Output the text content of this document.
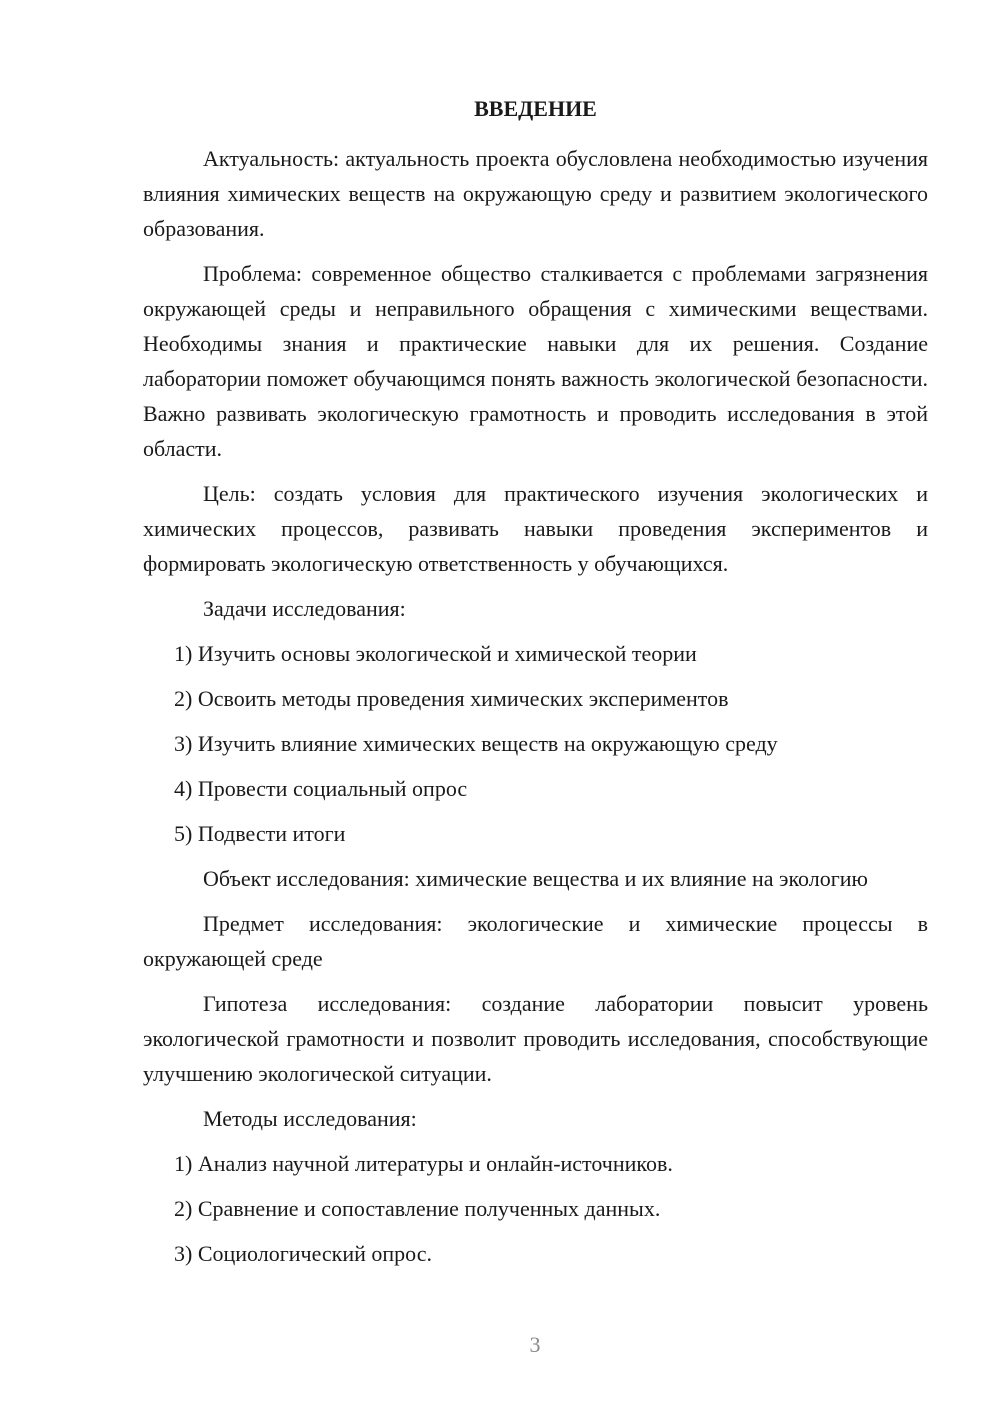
ВВЕДЕНИЕ

Актуальность: актуальность проекта обусловлена необходимостью изучения влияния химических веществ на окружающую среду и развитием экологического образования.

Проблема: современное общество сталкивается с проблемами загрязнения окружающей среды и неправильного обращения с химическими веществами. Необходимы знания и практические навыки для их решения. Создание лаборатории поможет обучающимся понять важность экологической безопасности. Важно развивать экологическую грамотность и проводить исследования в этой области.

Цель: создать условия для практического изучения экологических и химических процессов, развивать навыки проведения экспериментов и формировать экологическую ответственность у обучающихся.

Задачи исследования:

1) Изучить основы экологической и химической теории
2) Освоить методы проведения химических экспериментов
3) Изучить влияние химических веществ на окружающую среду
4) Провести социальный опрос
5) Подвести итоги

Объект исследования: химические вещества и их влияние на экологию

Предмет исследования: экологические и химические процессы в окружающей среде

Гипотеза исследования: создание лаборатории повысит уровень экологической грамотности и позволит проводить исследования, способствующие улучшению экологической ситуации.

Методы исследования:

1) Анализ научной литературы и онлайн-источников.
2) Сравнение и сопоставление полученных данных.
3) Социологический опрос.
3
